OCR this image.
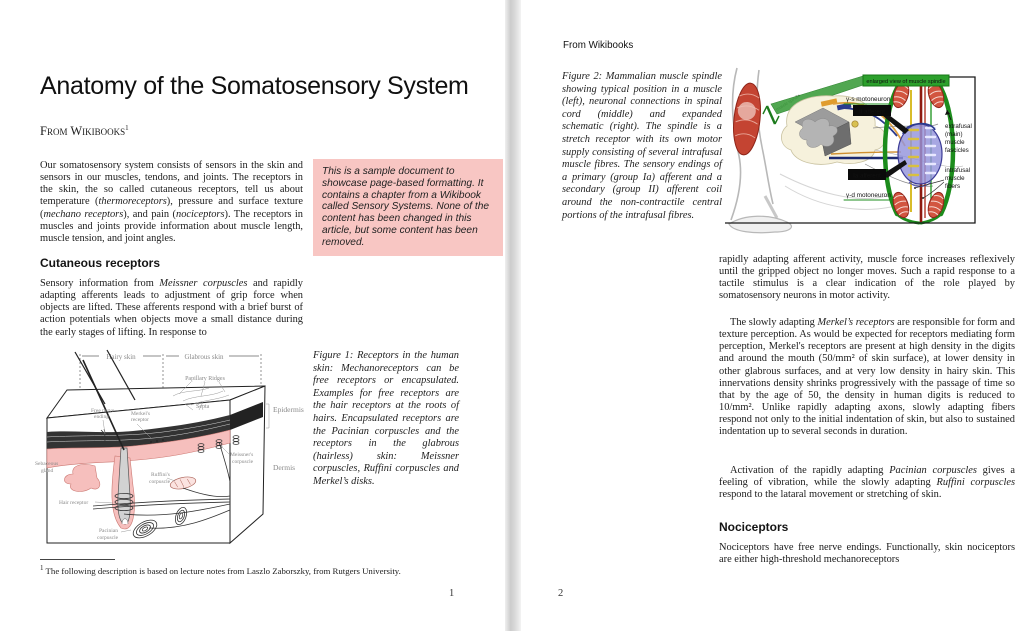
Anatomy of the Somatosensory System
From Wikibooks$^1$

Our somatosensory system consists of sensors in the skin and sensors in our muscles, tendons, and joints. The receptors in the skin, the so called cutaneous receptors, tell us about temperature (thermoreceptors), pressure and surface texture (mechano receptors), and pain (nociceptors). The receptors in muscles and joints provide information about muscle length, muscle tension, and joint angles.

This is a sample document to showcase page-based formatting. It contains a chapter from a Wikibook called Sensory Systems. None of the content has been changed in this article, but some content has been removed.
Cutaneous receptors

Sensory information from Meissner corpuscles and rapidly adapting afferents leads to adjustment of grip force when objects are lifted. These afferents respond with a brief burst of action potentials when objects move a small distance during the early stages of lifting. In response to

Hairy skin	Glabrous skin
Papillary Ridges
Septa	Epidermis
Dermis
Sebaceous
gland
Free nerve
ending	Merkel's
receptor
Meissner's
corpuscle
Ruffini's
corpuscle
Hair receptor
Pacinian
corpuscle

Figure 1: Receptors in the human skin: Mechanoreceptors can be free receptors or encapsulated. Examples for free receptors are the hair receptors at the roots of hairs. Encapsulated receptors are the Pacinian corpuscles and the receptors in the glabrous (hairless) skin: Meissner corpuscles, Ruffini corpuscles and Merkel’s disks.

$^1$ The following description is based on lecture notes from Laszlo Zaborszky, from Rutgers University.
1
From Wikibooks

Figure 2: Mammalian muscle spindle showing typical position in a muscle (left), neuronal connections in spinal cord (middle) and expanded schematic (right). The spindle is a stretch receptor with its own motor supply consisting of several intrafusal muscle fibres. The sensory endings of a primary (group Ia) afferent and a secondary (group II) afferent coil around the non-contractile central portions of the intrafusal fibres.

enlarged view of muscle spindle
γ-s motoneuron
II afferent
Ia afferent
γ-d motoneuron
extrafusal
(main)
muscle
fascicles
intrafusal
muscle
fibers

rapidly adapting afferent activity, muscle force increases reflexively until the gripped object no longer moves. Such a rapid response to a tactile stimulus is a clear indication of the role played by somatosensory neurons in motor activity.

The slowly adapting Merkel’s receptors are responsible for form and texture perception. As would be expected for receptors mediating form perception, Merkel's receptors are present at high density in the digits and around the mouth (50/mm² of skin surface), at lower density in other glabrous surfaces, and at very low density in hairy skin. This innervations density shrinks progressively with the passage of time so that by the age of 50, the density in human digits is reduced to 10/mm². Unlike rapidly adapting axons, slowly adapting fibers respond not only to the initial indentation of skin, but also to sustained indentation up to several seconds in duration.

Activation of the rapidly adapting Pacinian corpuscles gives a feeling of vibration, while the slowly adapting Ruffini corpuscles respond to the lataral movement or stretching of skin.

Nociceptors

Nociceptors have free nerve endings. Functionally, skin nociceptors are either high-threshold mechanoreceptors

2
